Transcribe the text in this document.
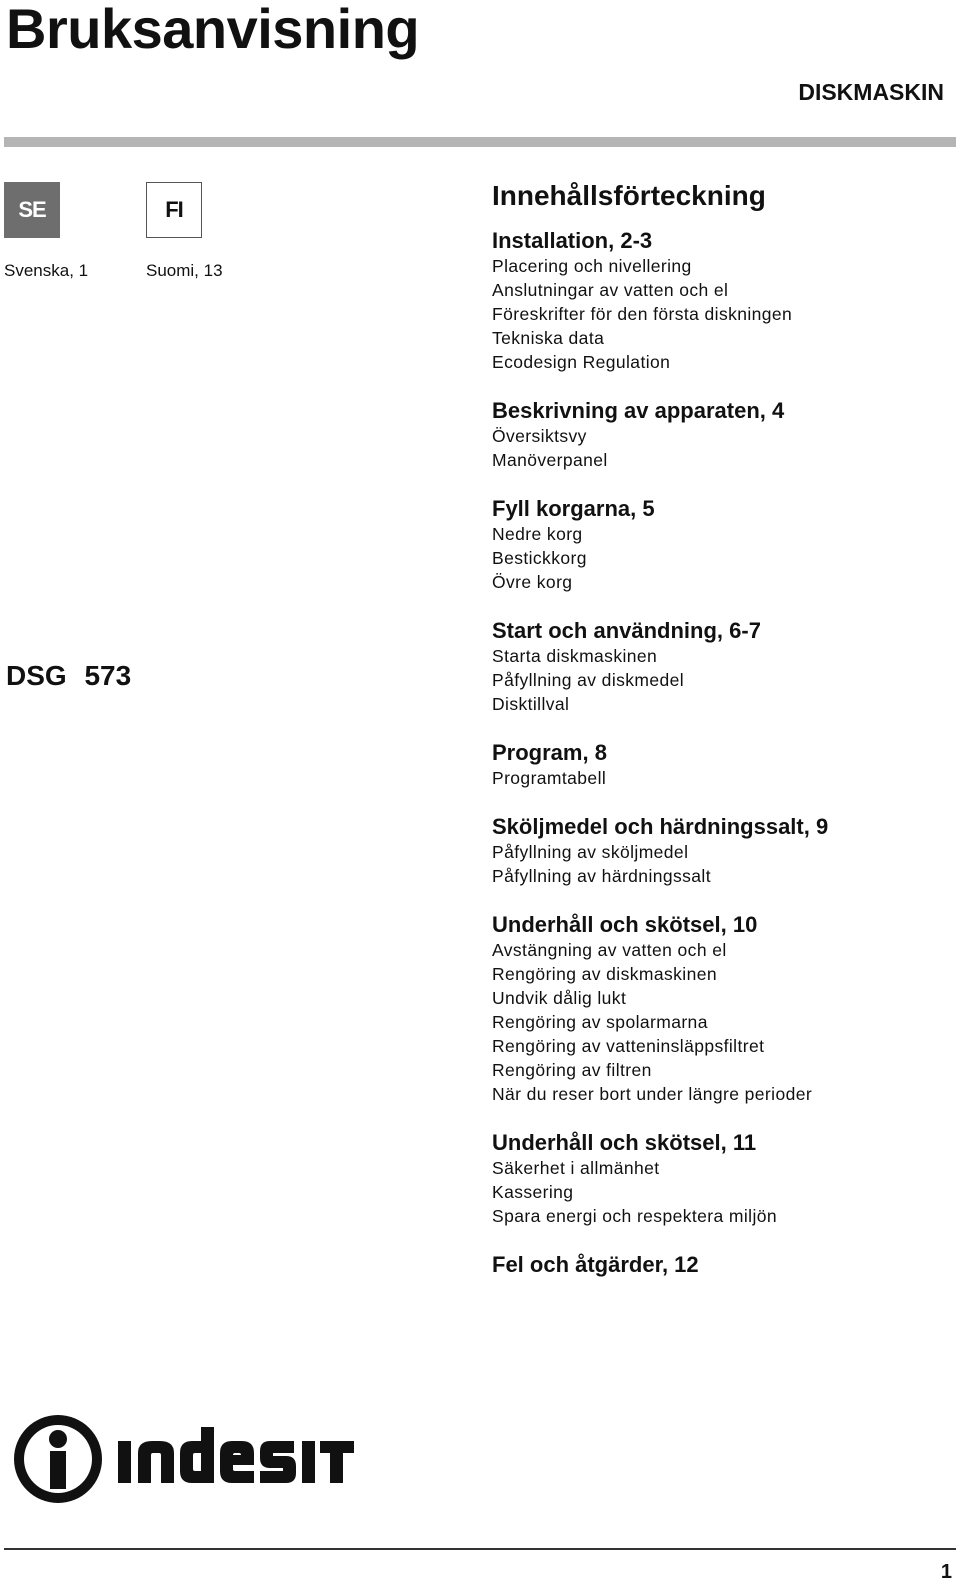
Bruksanvisning
DISKMASKIN
SE	FI
Svenska, 1	Suomi, 13
DSG 573
Innehållsförteckning
Installation, 2-3
Placering och nivellering
Anslutningar av vatten och el
Föreskrifter för den första diskningen
Tekniska data
Ecodesign Regulation
Beskrivning av apparaten, 4
Översiktsvy
Manöverpanel
Fyll korgarna, 5
Nedre korg
Bestickkorg
Övre korg
Start och användning, 6-7
Starta diskmaskinen
Påfyllning av diskmedel
Disktillval
Program, 8
Programtabell
Sköljmedel och härdningssalt, 9
Påfyllning av sköljmedel
Påfyllning av härdningssalt
Underhåll och skötsel, 10
Avstängning av vatten och el
Rengöring av diskmaskinen
Undvik dålig lukt
Rengöring av spolarmarna
Rengöring av vatteninsläppsfiltret
Rengöring av filtren
När du reser bort under längre perioder
Underhåll och skötsel, 11
Säkerhet i allmänhet
Kassering
Spara energi och respektera miljön
Fel och åtgärder, 12
1
